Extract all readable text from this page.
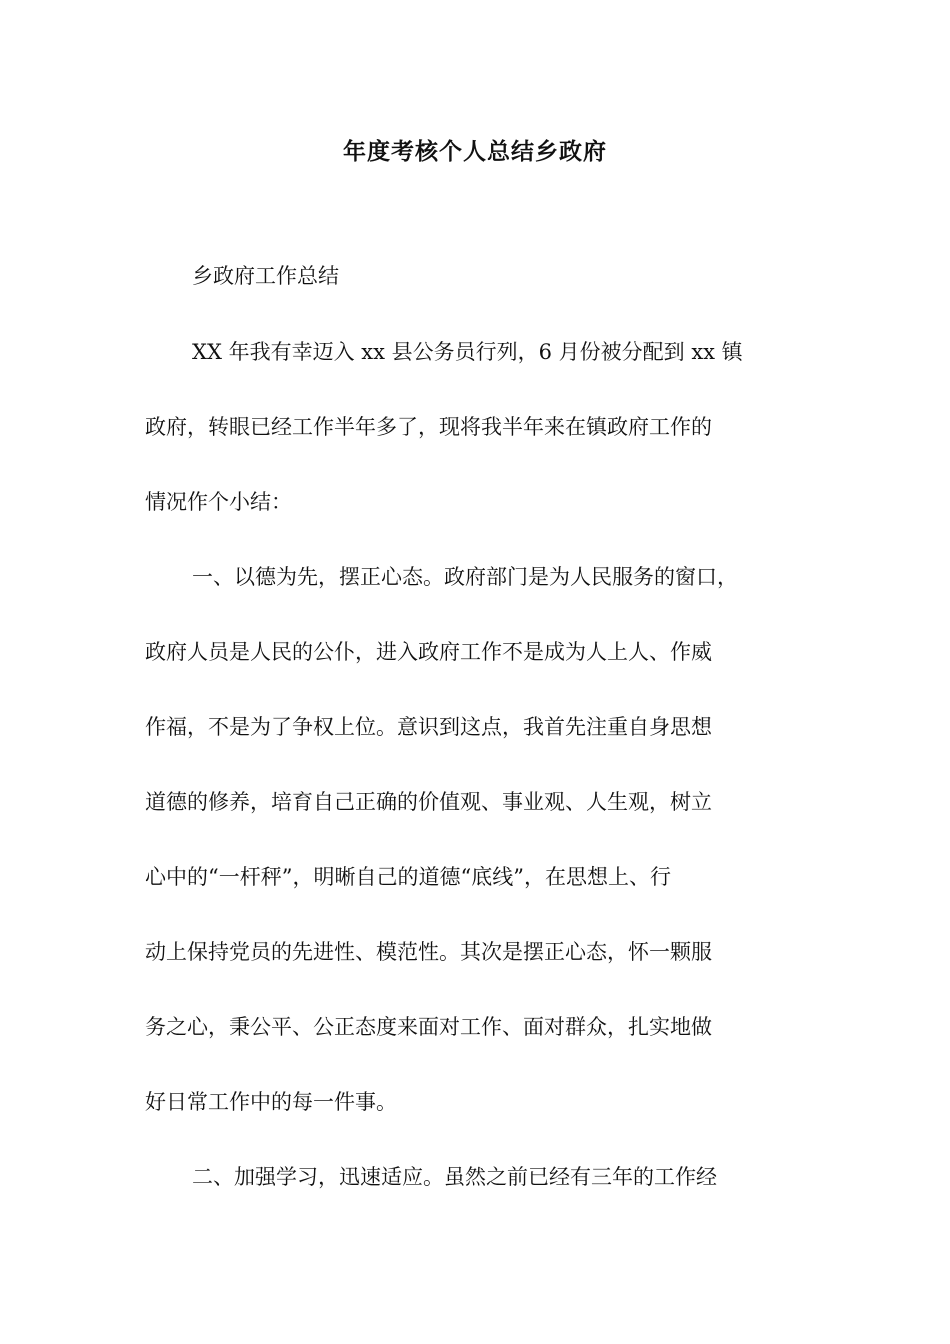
年度考核个人总结乡政府
乡政府工作总结
XX 年我有幸迈入 xx 县公务员行列，6 月份被分配到 xx 镇
政府，转眼已经工作半年多了，现将我半年来在镇政府工作的
情况作个小结：
一、以德为先，摆正心态。政府部门是为人民服务的窗口，
政府人员是人民的公仆，进入政府工作不是成为人上人、作威
作福，不是为了争权上位。意识到这点，我首先注重自身思想
道德的修养，培育自己正确的价值观、事业观、人生观，树立
心中的“一杆秤”，明晰自己的道德“底线”，在思想上、行
动上保持党员的先进性、模范性。其次是摆正心态，怀一颗服
务之心，秉公平、公正态度来面对工作、面对群众，扎实地做
好日常工作中的每一件事。
二、加强学习，迅速适应。虽然之前已经有三年的工作经
